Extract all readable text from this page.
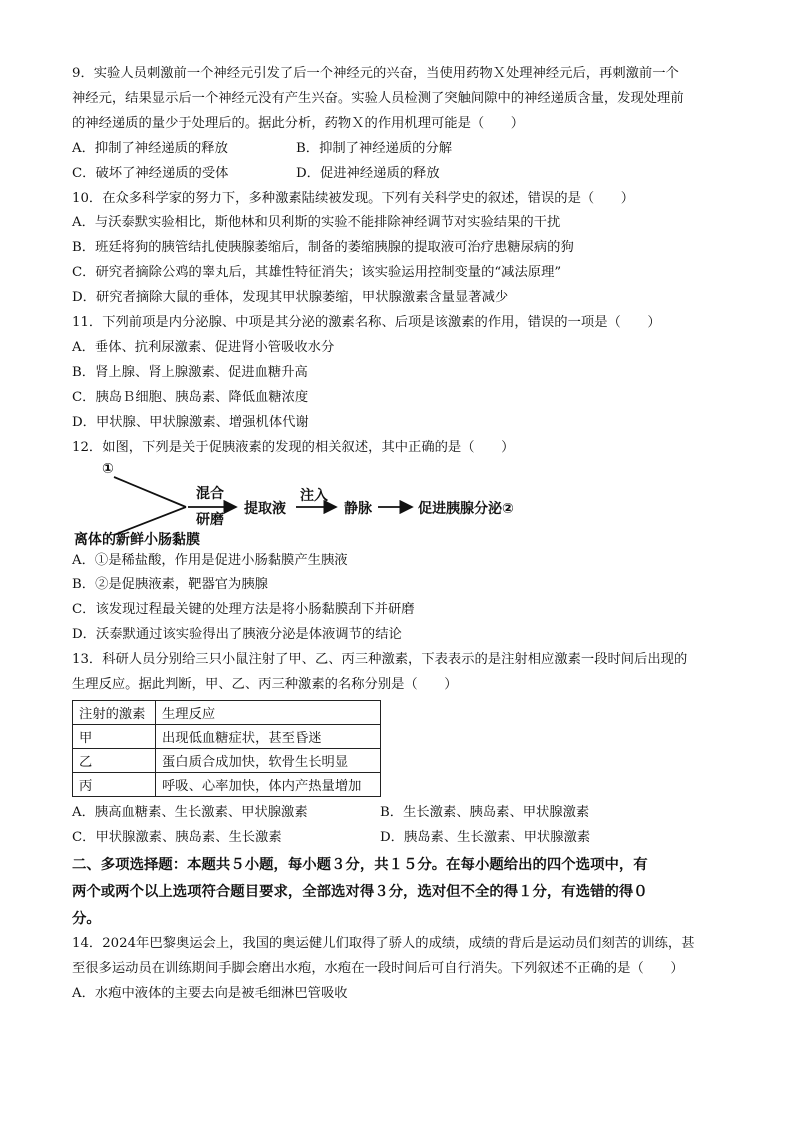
9．实验人员刺激前一个神经元引发了后一个神经元的兴奋，当使用药物Ｘ处理神经元后，再刺激前一个
神经元，结果显示后一个神经元没有产生兴奋。实验人员检测了突触间隙中的神经递质含量，发现处理前
的神经递质的量少于处理后的。据此分析，药物Ｘ的作用机理可能是（　　）
A．抑制了神经递质的释放	B．抑制了神经递质的分解
C．破坏了神经递质的受体	D．促进神经递质的释放
10．在众多科学家的努力下，多种激素陆续被发现。下列有关科学史的叙述，错误的是（　　）
A．与沃泰默实验相比，斯他林和贝利斯的实验不能排除神经调节对实验结果的干扰
B．班廷将狗的胰管结扎使胰腺萎缩后，制备的萎缩胰腺的提取液可治疗患糖尿病的狗
C．研究者摘除公鸡的睾丸后，其雄性特征消失；该实验运用控制变量的“减法原理”
D．研究者摘除大鼠的垂体，发现其甲状腺萎缩，甲状腺激素含量显著减少
11．下列前项是内分泌腺、中项是其分泌的激素名称、后项是该激素的作用，错误的一项是（　　）
A．垂体、抗利尿激素、促进肾小管吸收水分
B．肾上腺、肾上腺激素、促进血糖升高
C．胰岛Ｂ细胞、胰岛素、降低血糖浓度
D．甲状腺、甲状腺激素、增强机体代谢
12．如图，下列是关于促胰液素的发现的相关叙述，其中正确的是（　　）
①
混合
研磨
提取液
注入
静脉	促进胰腺分泌②
离体的新鲜小肠黏膜
A．①是稀盐酸，作用是促进小肠黏膜产生胰液
B．②是促胰液素，靶器官为胰腺
C．该发现过程最关键的处理方法是将小肠黏膜刮下并研磨
D．沃泰默通过该实验得出了胰液分泌是体液调节的结论
13．科研人员分别给三只小鼠注射了甲、乙、丙三种激素，下表表示的是注射相应激素一段时间后出现的
生理反应。据此判断，甲、乙、丙三种激素的名称分别是（　　）
注射的激素	生理反应
甲	出现低血糖症状，甚至昏迷
乙	蛋白质合成加快，软骨生长明显
丙	呼吸、心率加快，体内产热量增加
A．胰高血糖素、生长激素、甲状腺激素	B．生长激素、胰岛素、甲状腺激素
C．甲状腺激素、胰岛素、生长激素	D．胰岛素、生长激素、甲状腺激素
二、多项选择题：本题共５小题，每小题３分，共１５分。在每小题给出的四个选项中，有
两个或两个以上选项符合题目要求，全部选对得３分，选对但不全的得１分，有选错的得０
分。
14．2024年巴黎奥运会上，我国的奥运健儿们取得了骄人的成绩，成绩的背后是运动员们刻苦的训练，甚
至很多运动员在训练期间手脚会磨出水疱，水疱在一段时间后可自行消失。下列叙述不正确的是（　　）
A．水疱中液体的主要去向是被毛细淋巴管吸收
